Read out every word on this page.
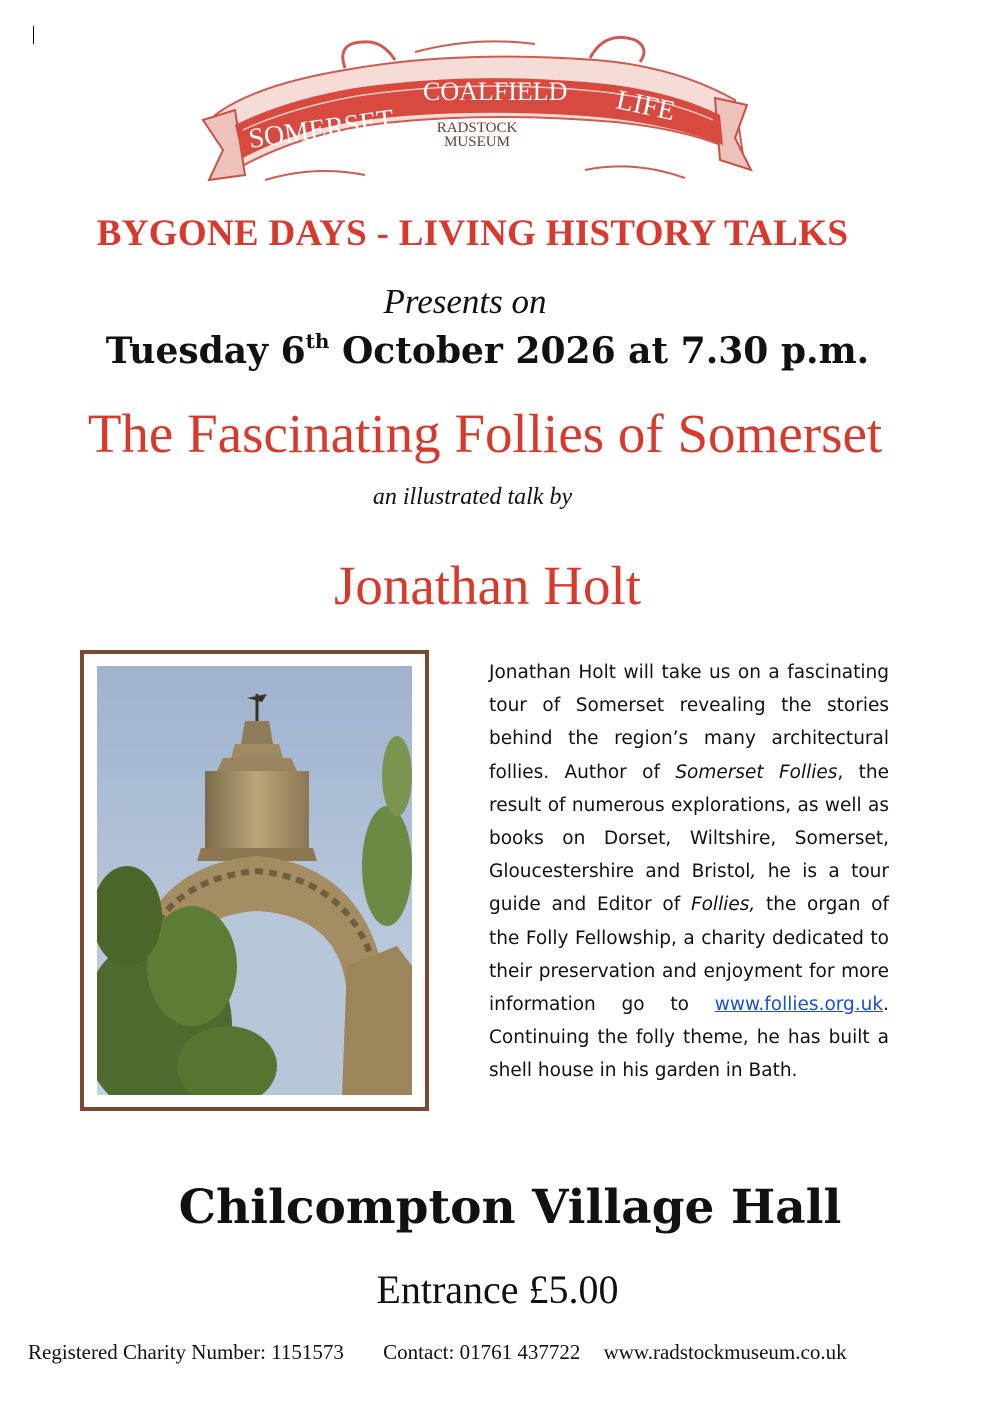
SOMERSET
COALFIELD LIFE
RADSTOCK
MUSEUM
BYGONE DAYS - LIVING HISTORY TALKS
Presents on
Tuesday 6th October 2026 at 7.30 p.m.
The Fascinating Follies of Somerset
an illustrated talk by
Jonathan Holt

Jonathan Holt will take us on a fascinating tour of Somerset revealing the stories behind the region’s many architectural follies. Author of Somerset Follies, the result of numerous explorations, as well as books on Dorset, Wiltshire, Somerset, Gloucestershire and Bristol, he is a tour guide and Editor of Follies, the organ of the Folly Fellowship, a charity dedicated to their preservation and enjoyment for more information go to www.follies.org.uk. Continuing the folly theme, he has built a shell house in his garden in Bath.

Chilcompton Village Hall
Entrance £5.00
Registered Charity Number: 1151573 Contact: 01761 437722 www.radstockmuseum.co.uk
